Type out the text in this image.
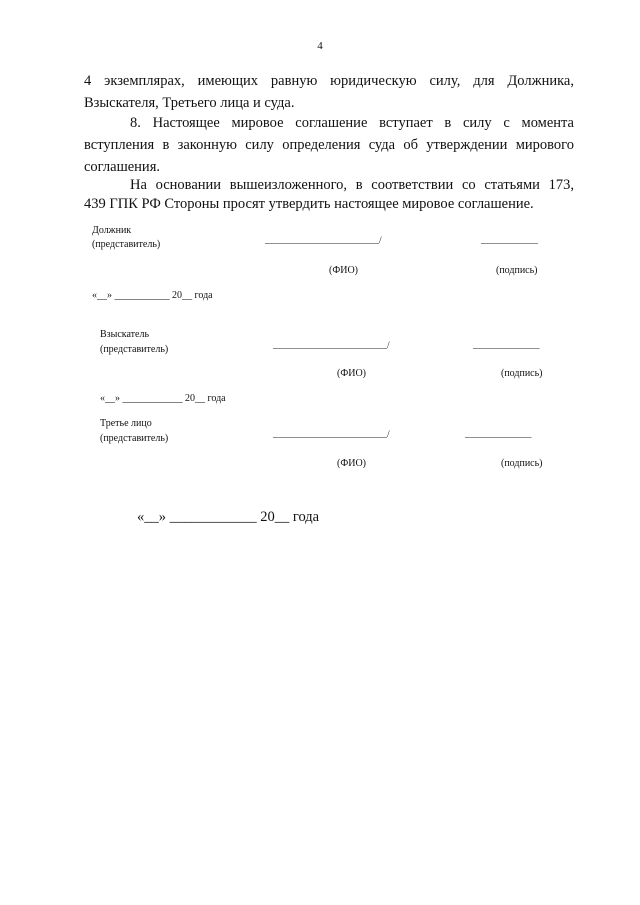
4
4 экземплярах, имеющих равную юридическую силу, для Должника,
Взыскателя, Третьего лица и суда.
8. Настоящее мировое соглашение вступает в силу с момента
вступления в законную силу определения суда об утверждении мирового
соглашения.
На основании вышеизложенного, в соответствии со статьями 173,
439 ГПК РФ Стороны просят утвердить настоящее мировое соглашение.
Должник
(представитель)	________________________/	____________
(ФИО)	(подпись)
«__» ___________ 20__ года
Взыскатель
(представитель)	________________________/	______________
(ФИО)	(подпись)
«__» ____________ 20__ года
Третье лицо
(представитель)	________________________/	______________
(ФИО)	(подпись)
«__» ____________ 20__ года
